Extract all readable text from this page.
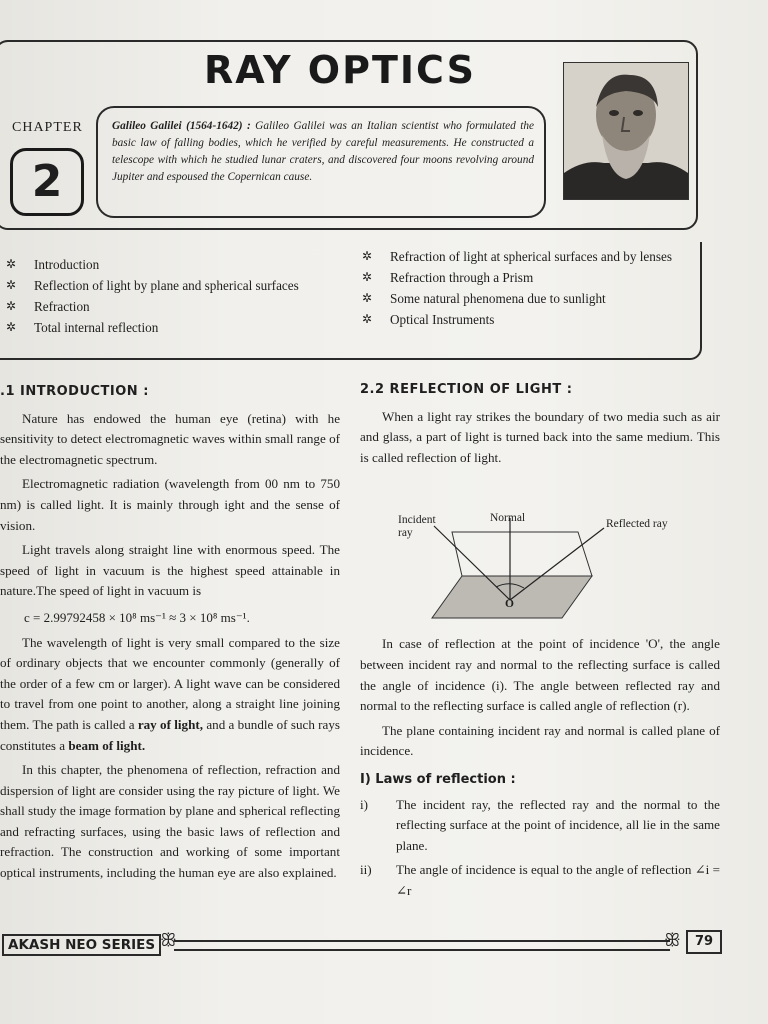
RAY OPTICS
CHAPTER
2
Galileo Galilei (1564-1642) : Galileo Galilei was an Italian scientist who formulated the basic law of falling bodies, which he verified by careful measurements. He constructed a telescope with which he studied lunar craters, and discovered four moons revolving around Jupiter and espoused the Copernican cause.
✲ Introduction
✲ Reflection of light by plane and spherical surfaces
✲ Refraction
✲ Total internal reflection
✲ Refraction of light at spherical surfaces and by lenses
✲ Refraction through a Prism
✲ Some natural phenomena due to sunlight
✲ Optical Instruments
.1 INTRODUCTION :

Nature has endowed the human eye (retina) with he sensitivity to detect electromagnetic waves within small range of the electromagnetic spectrum.

Electromagnetic radiation (wavelength from 00 nm to 750 nm) is called light. It is mainly through ight and the sense of vision.

Light travels along straight line with enormous speed. The speed of light in vacuum is the highest speed attainable in nature.The speed of light in vacuum is

c = 2.99792458 × 10⁸ ms⁻¹ ≈ 3 × 10⁸ ms⁻¹.

The wavelength of light is very small compared to the size of ordinary objects that we encounter commonly (generally of the order of a few cm or larger). A light wave can be considered to travel from one point to another, along a straight line joining them. The path is called a ray of light, and a bundle of such rays constitutes a beam of light.

In this chapter, the phenomena of reflection, refraction and dispersion of light are consider using the ray picture of light. We shall study the image formation by plane and spherical reflecting and refracting surfaces, using the basic laws of reflection and refraction. The construction and working of some important optical instruments, including the human eye are also explained.

2.2 REFLECTION OF LIGHT :

When a light ray strikes the boundary of two media such as air and glass, a part of light is turned back into the same medium. This is called reflection of light.

In case of reflection at the point of incidence 'O', the angle between incident ray and normal to the reflecting surface is called the angle of incidence (i). The angle between reflected ray and normal to the reflecting surface is called angle of reflection (r).

The plane containing incident ray and normal is called plane of incidence.

I) Laws of reflection :
i) The incident ray, the reflected ray and the normal to the reflecting surface at the point of incidence, all lie in the same plane.
ii) The angle of incidence is equal to the angle of reflection ∠i = ∠r
Incident ray
Normal	Reflected ray
O
AKASH NEO SERIES ꕥ	ꕥ	79
